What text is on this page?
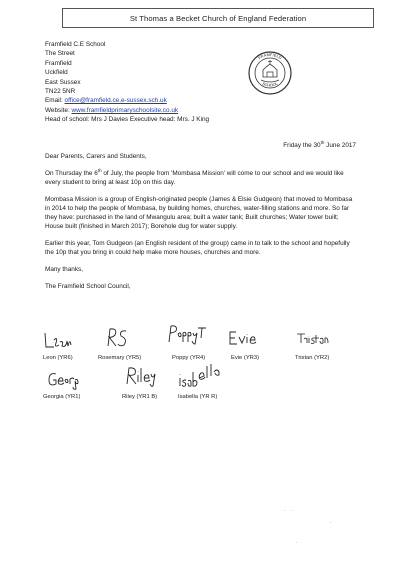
St Thomas a Becket Church of England Federation
Framfield C.E School
The Street
Framfield
Uckfield
East Sussex
TN22 5NR
Email: office@framfield.ce.e-sussex.sch.uk
Website: www.framfieldprimaryschoolsite.co.uk
Head of school: Mrs J Davies Executive head: Mrs. J King
FRAMFIELD
SCHOOL
Friday the 30th June 2017

Dear Parents, Carers and Students,

On Thursday the 6th of July, the people from 'Mombasa Mission' will come to our school and we would like every student to bring at least 10p on this day.

Mombasa Mission is a group of English-originated people (James & Elsie Gudgeon) that moved to Mombasa in 2014 to help the people of Mombasa, by building homes, churches, water-filling stations and more. So far they have: purchased in the land of Mwangulu area; built a water tank; Built churches; Water tower built; House built (finished in March 2017); Borehole dug for water supply.

Earlier this year, Tom Gudgeon (an English resident of the group) came in to talk to the school and hopefully the 10p that you bring in could help make more houses, churches and more.

Many thanks,

The Framfield School Council,

Leon (YR6)	Rosemary (YR5)	Poppy (YR4)	Evie (YR3)	Tristan (YR2)
Georgia (YR1)	Riley (YR1 B)	Isabella (YR R)
· ·
·
·
